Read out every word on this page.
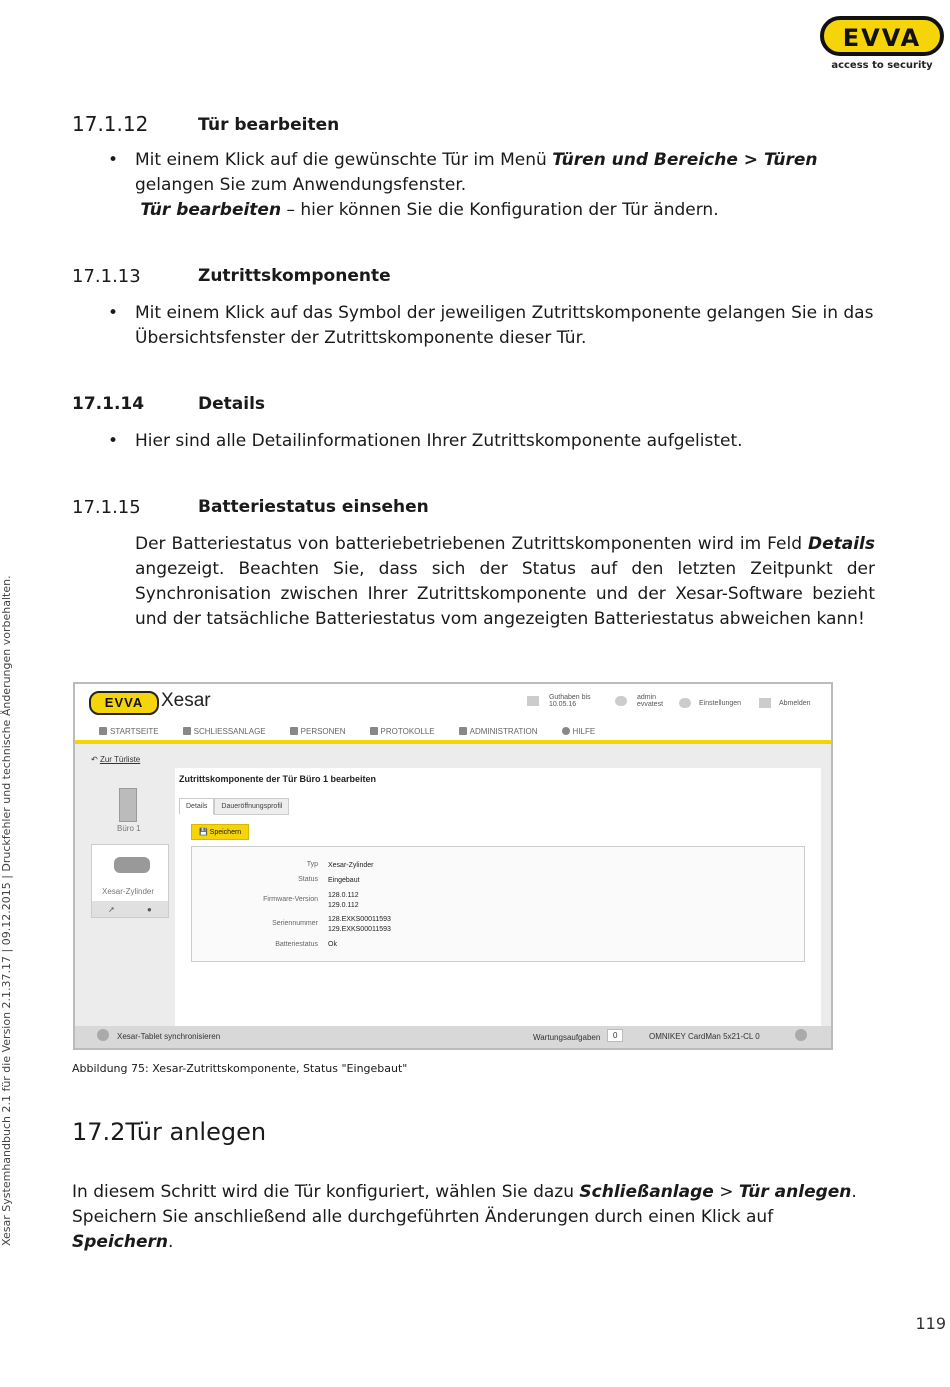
EVVA
access to security
Xesar Systemhandbuch 2.1 für die Version 2.1.37.17 | 09.12.2015 | Druckfehler und technische Änderungen vorbehalten.
17.1.12	Tür bearbeiten
• Mit einem Klick auf die gewünschte Tür im Menü Türen und Bereiche > Türen gelangen Sie zum Anwendungsfenster.
Tür bearbeiten – hier können Sie die Konfiguration der Tür ändern.
17.1.13	Zutrittskomponente
• Mit einem Klick auf das Symbol der jeweiligen Zutrittskomponente gelangen Sie in das Übersichtsfenster der Zutrittskomponente dieser Tür.
17.1.14	Details
• Hier sind alle Detailinformationen Ihrer Zutrittskomponente aufgelistet.
17.1.15	Batteriestatus einsehen
Der Batteriestatus von batteriebetriebenen Zutrittskomponenten wird im Feld Details angezeigt. Beachten Sie, dass sich der Status auf den letzten Zeitpunkt der Synchronisation zwischen Ihrer Zutrittskomponente und der Xesar-Software bezieht und der tatsächliche Batteriestatus vom angezeigten Batteriestatus abweichen kann!
EVVA Xesar	Guthaben bis
10.05.16
admin
evvatest	Einstellungen	Abmelden
STARTSEITE	SCHLIESSANLAGE	PERSONEN	PROTOKOLLE	ADMINISTRATION	HILFE
↶ Zur Türliste
Büro 1
Xesar-Zylinder
➚	●
Zutrittskomponente der Tür Büro 1 bearbeiten
Details	Daueröffnungsprofil
💾 Speichern
Typ Xesar-Zylinder
Status Eingebaut
Firmware-Version
128.0.112
129.0.112
Seriennummer
128.EXKS00011593
129.EXKS00011593
Batteriestatus Ok
Xesar-Tablet synchronisieren	Wartungsaufgaben	0	OMNIKEY CardMan 5x21-CL 0
Abbildung 75: Xesar-Zutrittskomponente, Status "Eingebaut"
17.2Tür anlegen
In diesem Schritt wird die Tür konfiguriert, wählen Sie dazu Schließanlage > Tür anlegen. Speichern Sie anschließend alle durchgeführten Änderungen durch einen Klick auf Speichern.
119
